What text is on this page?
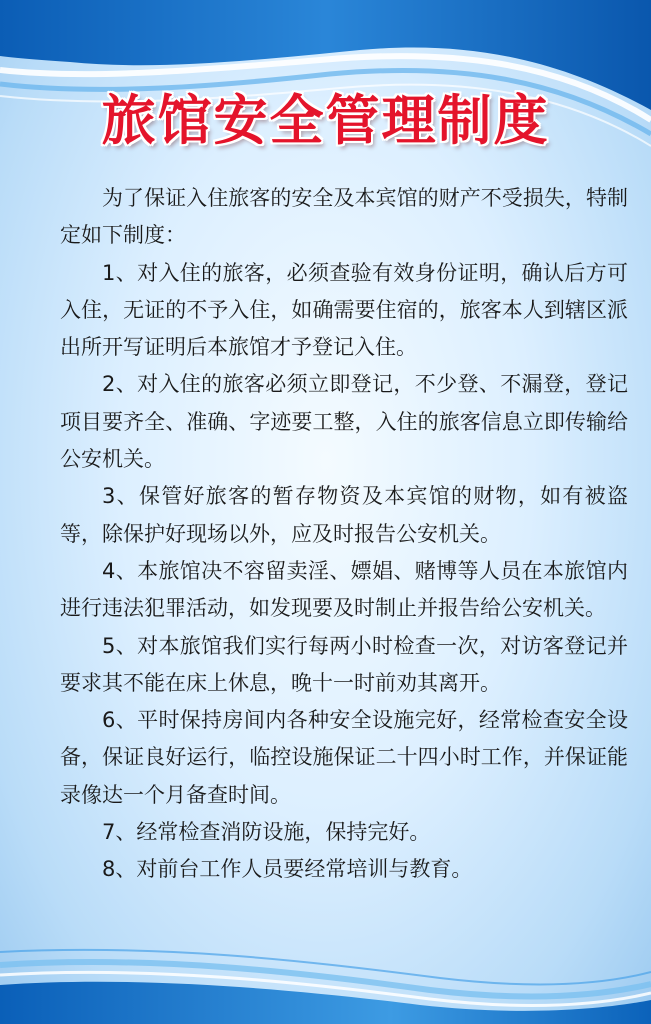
旅馆安全管理制度

为了保证入住旅客的安全及本宾馆的财产不受损失，特制定如下制度：

1、对入住的旅客，必须查验有效身份证明，确认后方可入住，无证的不予入住，如确需要住宿的，旅客本人到辖区派出所开写证明后本旅馆才予登记入住。

2、对入住的旅客必须立即登记，不少登、不漏登，登记项目要齐全、准确、字迹要工整，入住的旅客信息立即传输给公安机关。

3、保管好旅客的暂存物资及本宾馆的财物，如有被盗等，除保护好现场以外，应及时报告公安机关。

4、本旅馆决不容留卖淫、嫖娼、赌博等人员在本旅馆内进行违法犯罪活动，如发现要及时制止并报告给公安机关。

5、对本旅馆我们实行每两小时检查一次，对访客登记并要求其不能在床上休息，晚十一时前劝其离开。

6、平时保持房间内各种安全设施完好，经常检查安全设备，保证良好运行，临控设施保证二十四小时工作，并保证能录像达一个月备查时间。

7、经常检查消防设施，保持完好。

8、对前台工作人员要经常培训与教育。
